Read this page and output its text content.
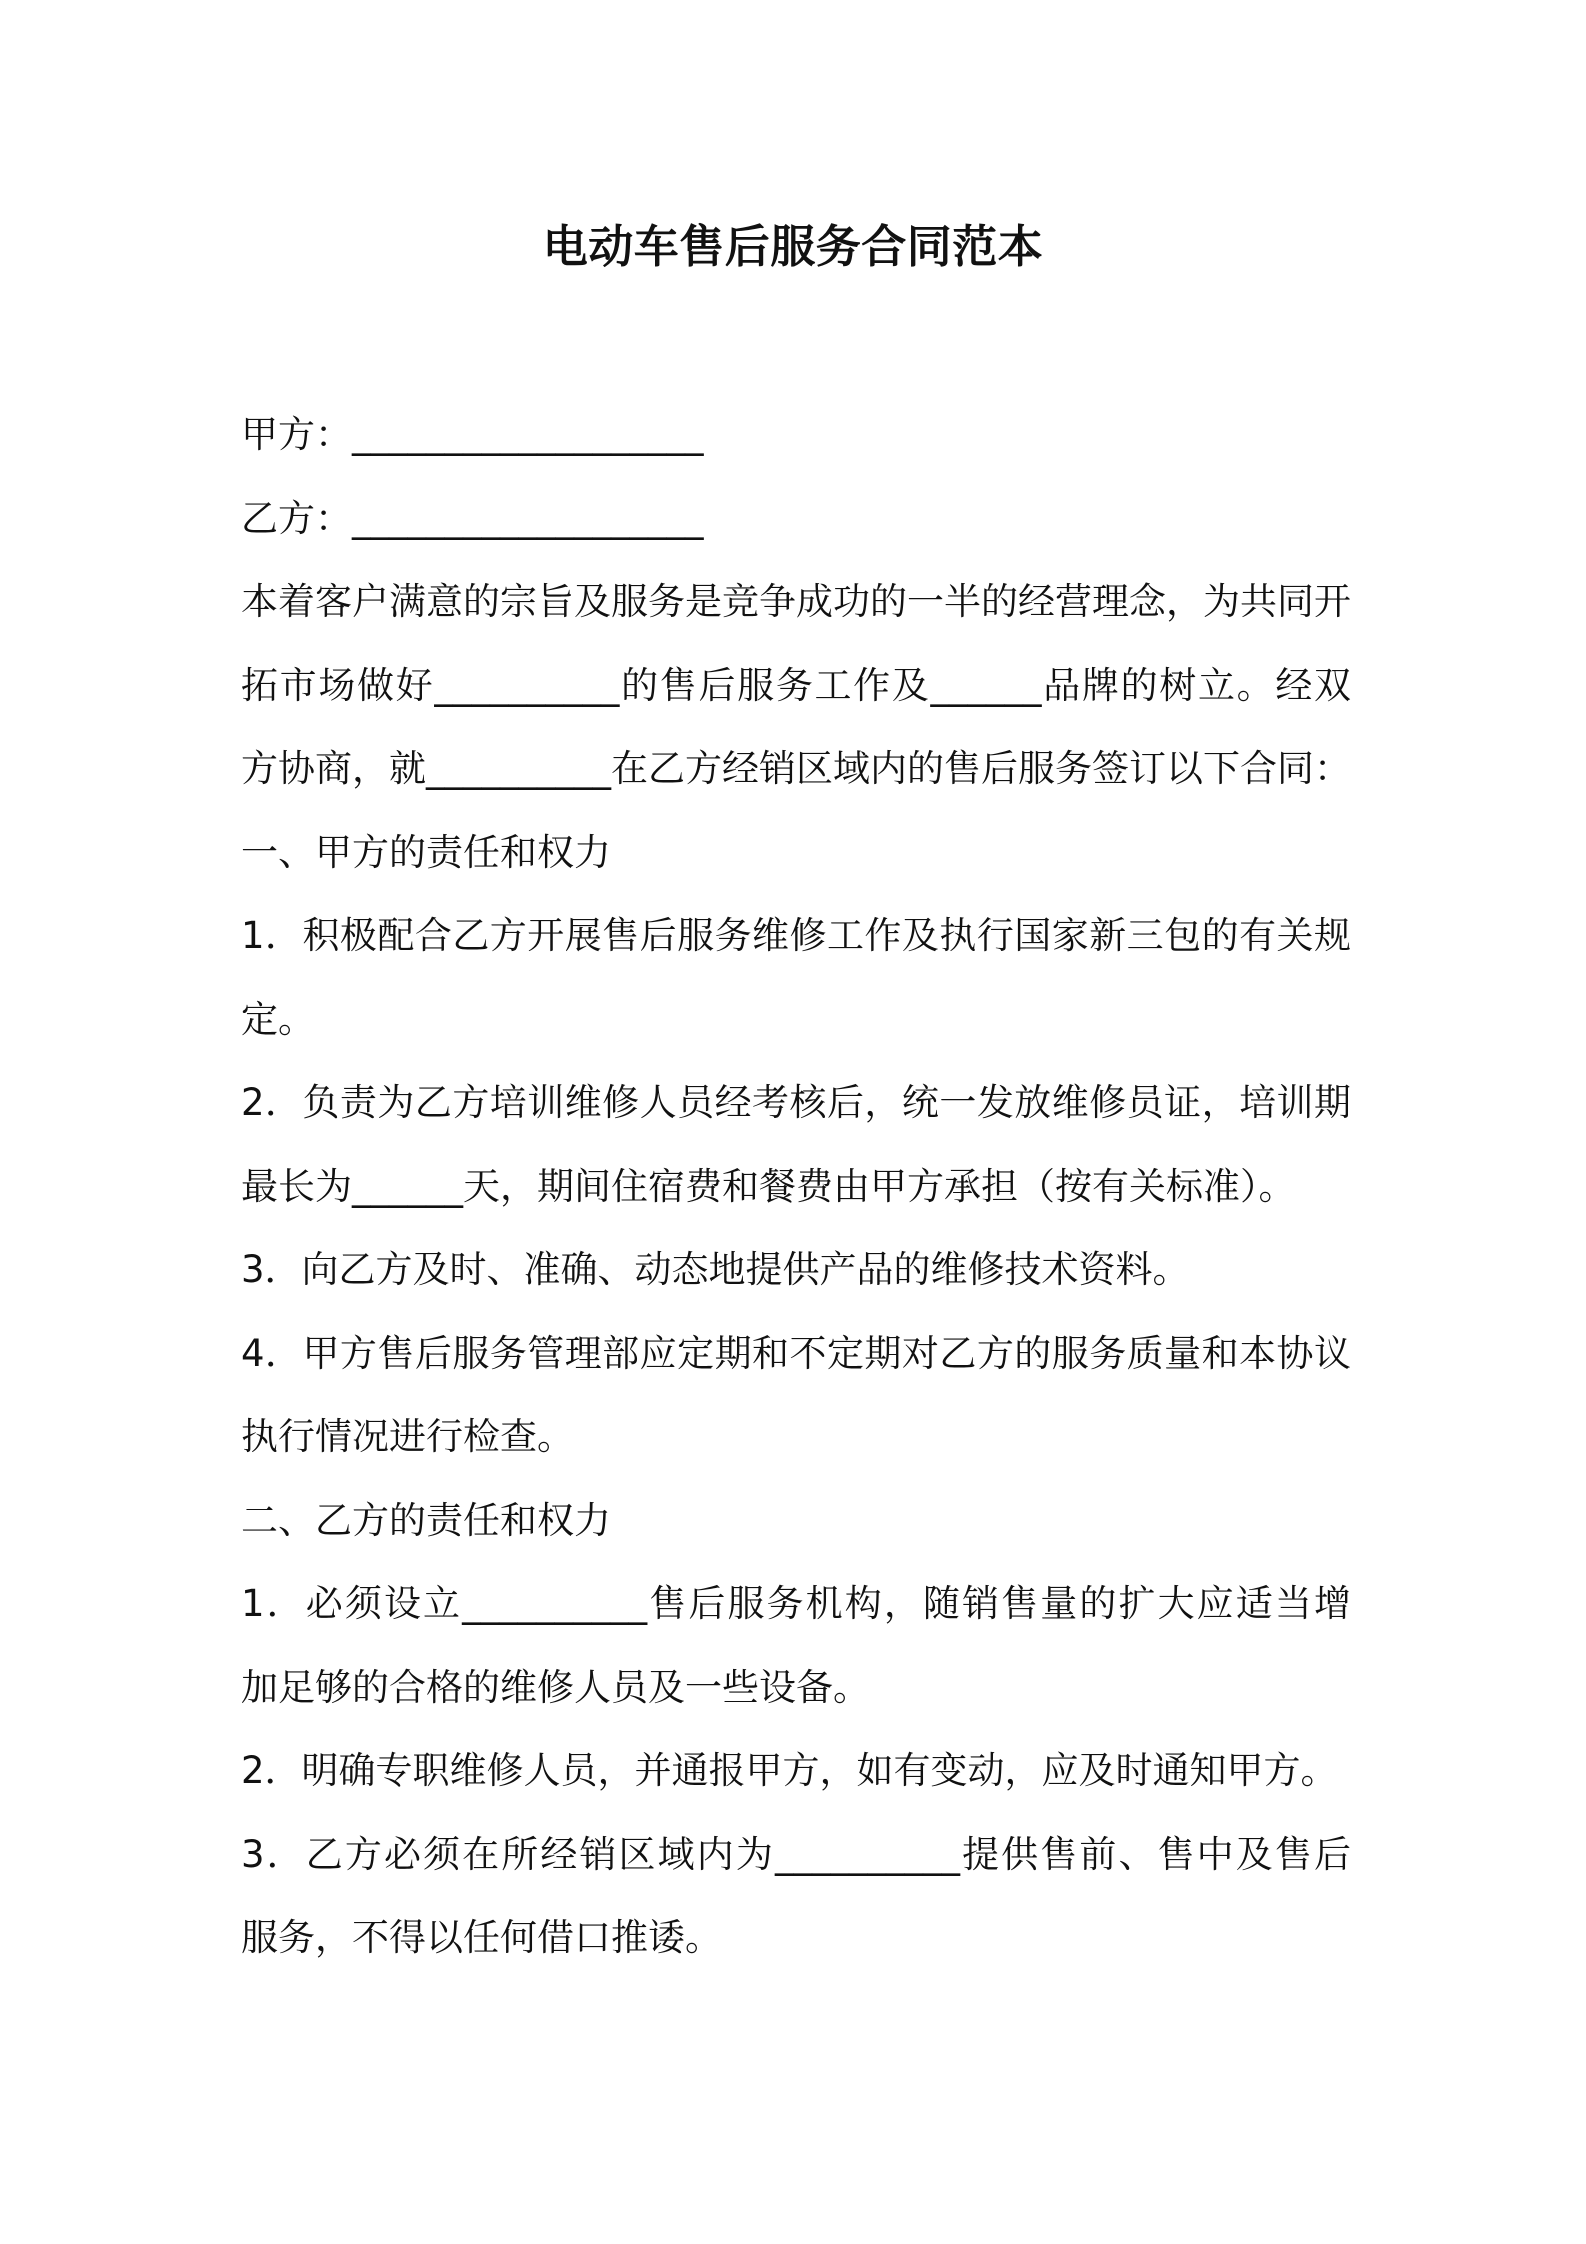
电动车售后服务合同范本
甲方：___________________
乙方：___________________
本着客户满意的宗旨及服务是竞争成功的一半的经营理念，为共同开
拓市场做好__________的售后服务工作及______品牌的树立。经双
方协商，就__________在乙方经销区域内的售后服务签订以下合同：
一、甲方的责任和权力
1．积极配合乙方开展售后服务维修工作及执行国家新三包的有关规
定。
2．负责为乙方培训维修人员经考核后，统一发放维修员证，培训期
最长为______天，期间住宿费和餐费由甲方承担（按有关标准）。
3．向乙方及时、准确、动态地提供产品的维修技术资料。
4．甲方售后服务管理部应定期和不定期对乙方的服务质量和本协议
执行情况进行检查。
二、乙方的责任和权力
1．必须设立__________售后服务机构，随销售量的扩大应适当增
加足够的合格的维修人员及一些设备。
2．明确专职维修人员，并通报甲方，如有变动，应及时通知甲方。
3．乙方必须在所经销区域内为__________提供售前、售中及售后
服务，不得以任何借口推诿。
